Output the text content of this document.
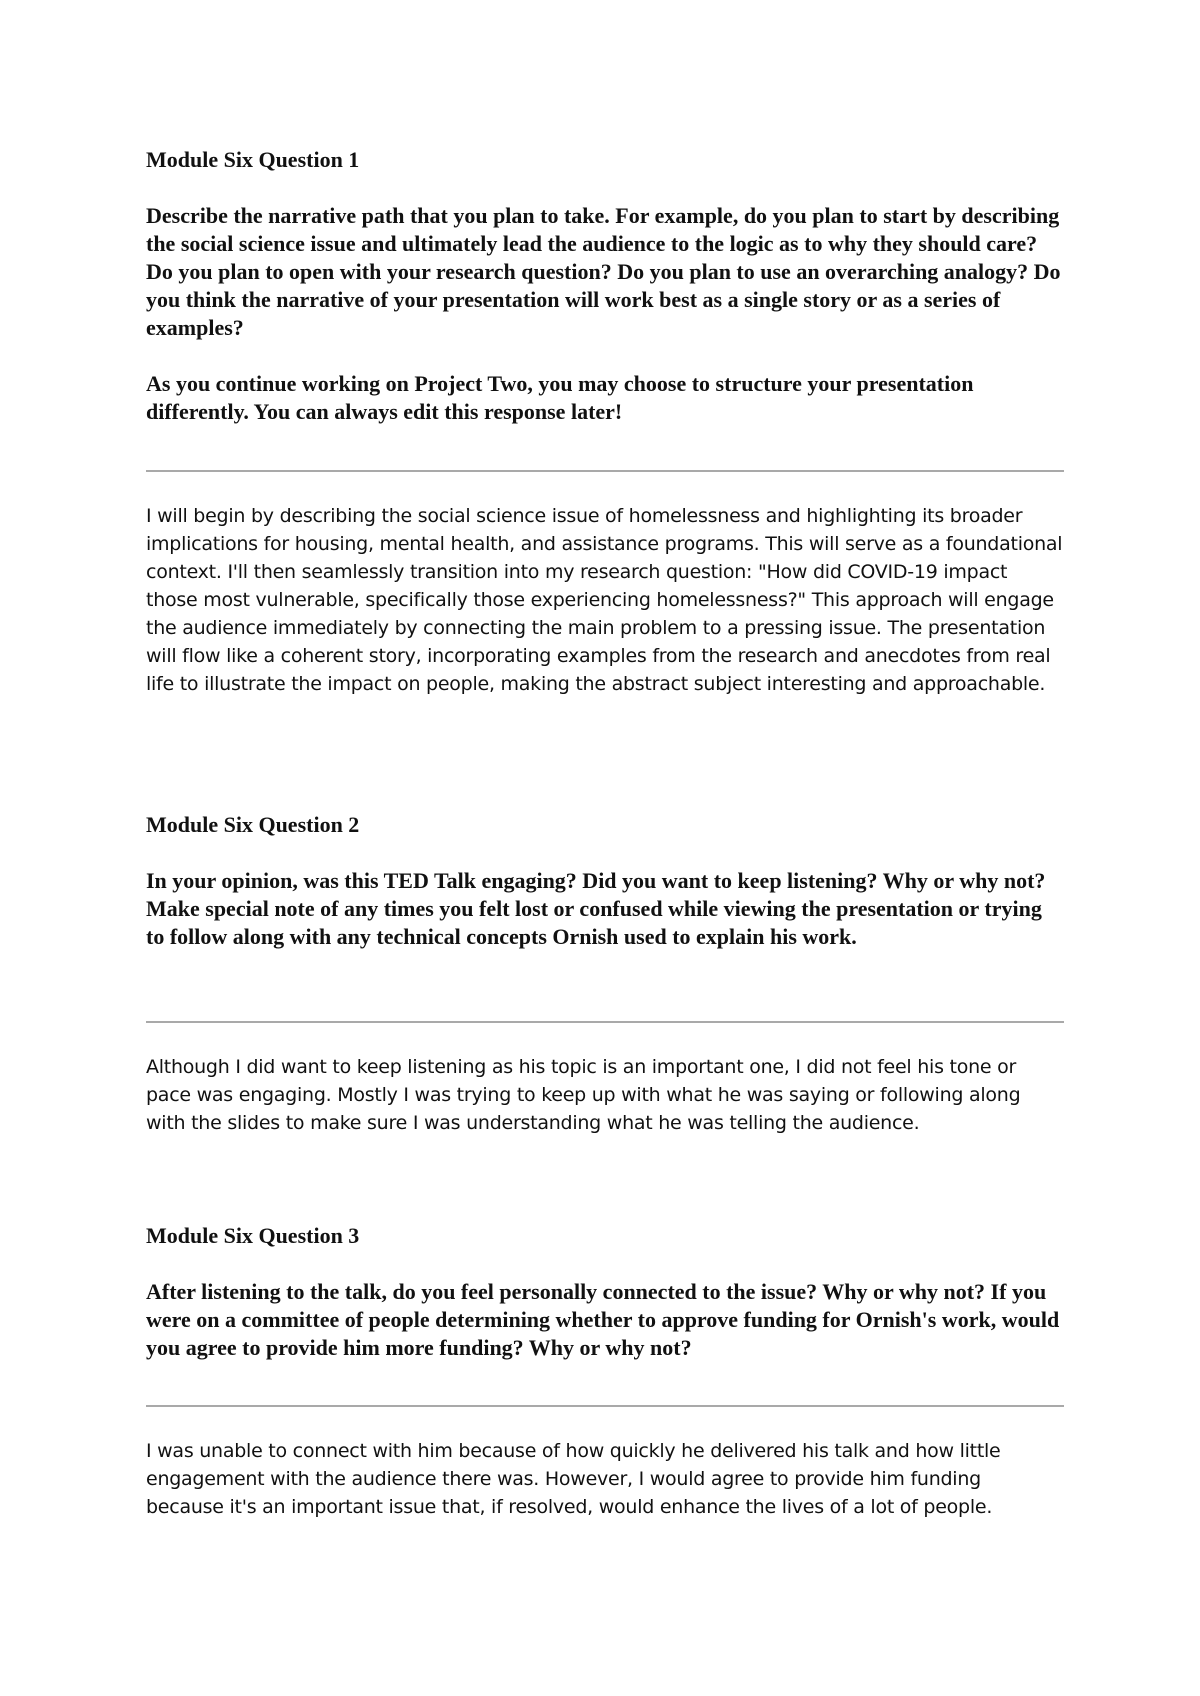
Module Six Question 1

Describe the narrative path that you plan to take. For example, do you plan to start by describing the social science issue and ultimately lead the audience to the logic as to why they should care? Do you plan to open with your research question? Do you plan to use an overarching analogy? Do you think the narrative of your presentation will work best as a single story or as a series of examples?

As you continue working on Project Two, you may choose to structure your presentation differently. You can always edit this response later!

I will begin by describing the social science issue of homelessness and highlighting its broader implications for housing, mental health, and assistance programs. This will serve as a foundational context. I'll then seamlessly transition into my research question: "How did COVID-19 impact those most vulnerable, specifically those experiencing homelessness?" This approach will engage the audience immediately by connecting the main problem to a pressing issue. The presentation will flow like a coherent story, incorporating examples from the research and anecdotes from real life to illustrate the impact on people, making the abstract subject interesting and approachable.

Module Six Question 2

In your opinion, was this TED Talk engaging? Did you want to keep listening? Why or why not? Make special note of any times you felt lost or confused while viewing the presentation or trying to follow along with any technical concepts Ornish used to explain his work.

Although I did want to keep listening as his topic is an important one, I did not feel his tone or pace was engaging. Mostly I was trying to keep up with what he was saying or following along with the slides to make sure I was understanding what he was telling the audience.

Module Six Question 3

After listening to the talk, do you feel personally connected to the issue? Why or why not? If you were on a committee of people determining whether to approve funding for Ornish's work, would you agree to provide him more funding? Why or why not?

I was unable to connect with him because of how quickly he delivered his talk and how little engagement with the audience there was. However, I would agree to provide him funding because it's an important issue that, if resolved, would enhance the lives of a lot of people.
